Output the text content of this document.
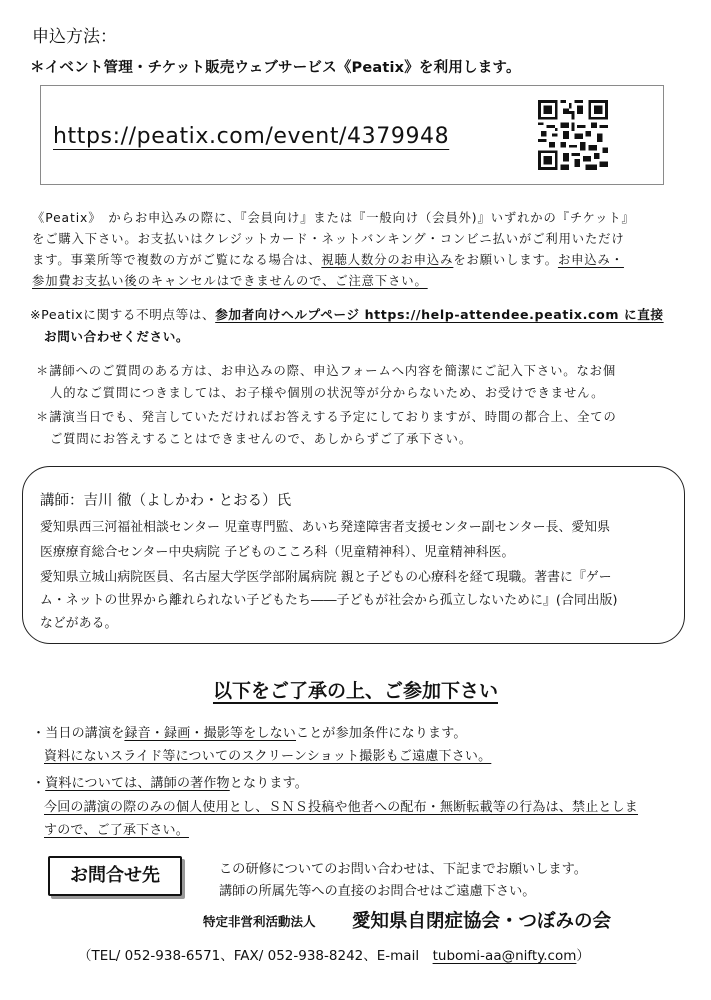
申込方法：
＊イベント管理・チケット販売ウェブサービス《Peatix》を利用します。
https://peatix.com/event/4379948
《Peatix》　からお申込みの際に、『会員向け』または『一般向け（会員外)』いずれかの『チケット』
をご購入下さい。お支払いはクレジットカード・ネットバンキング・コンビニ払いがご利用いただけ
ます。事業所等で複数の方がご覧になる場合は、視聴人数分のお申込みをお願いします。お申込み・
参加費お支払い後のキャンセルはできませんので、ご注意下さい。
※Peatixに関する不明点等は、参加者向けヘルプページ https://help-attendee.peatix.com に直接
お問い合わせください。
＊講師へのご質問のある方は、お申込みの際、申込フォームへ内容を簡潔にご記入下さい。なお個
人的なご質問につきましては、お子様や個別の状況等が分からないため、お受けできません。
＊講演当日でも、発言していただければお答えする予定にしておりますが、時間の都合上、全ての
ご質問にお答えすることはできませんので、あしからずご了承下さい。
講師：吉川 徹（よしかわ・とおる）氏
愛知県西三河福祉相談センター 児童専門監、あいち発達障害者支援センター副センター長、愛知県
医療療育総合センター中央病院 子どものこころ科（児童精神科）、児童精神科医。
愛知県立城山病院医員、名古屋大学医学部附属病院 親と子どもの心療科を経て現職。著書に『ゲー
ム・ネットの世界から離れられない子どもたち――子どもが社会から孤立しないために』(合同出版)
などがある。
以下をご了承の上、ご参加下さい
・当日の講演を録音・録画・撮影等をしないことが参加条件になります。
資料にないスライド等についてのスクリーンショット撮影もご遠慮下さい。
・資料については、講師の著作物となります。
今回の講演の際のみの個人使用とし、ＳＮＳ投稿や他者への配布・無断転載等の行為は、禁止としま
すので、ご了承下さい。
お問合せ先	この研修についてのお問い合わせは、下記までお願いします。
講師の所属先等への直接のお問合せはご遠慮下さい。
特定非営利活動法人 愛知県自閉症協会・つぼみの会
（TEL/ 052-938-6571、FAX/ 052-938-8242、E-mail　tubomi-aa@nifty.com）
